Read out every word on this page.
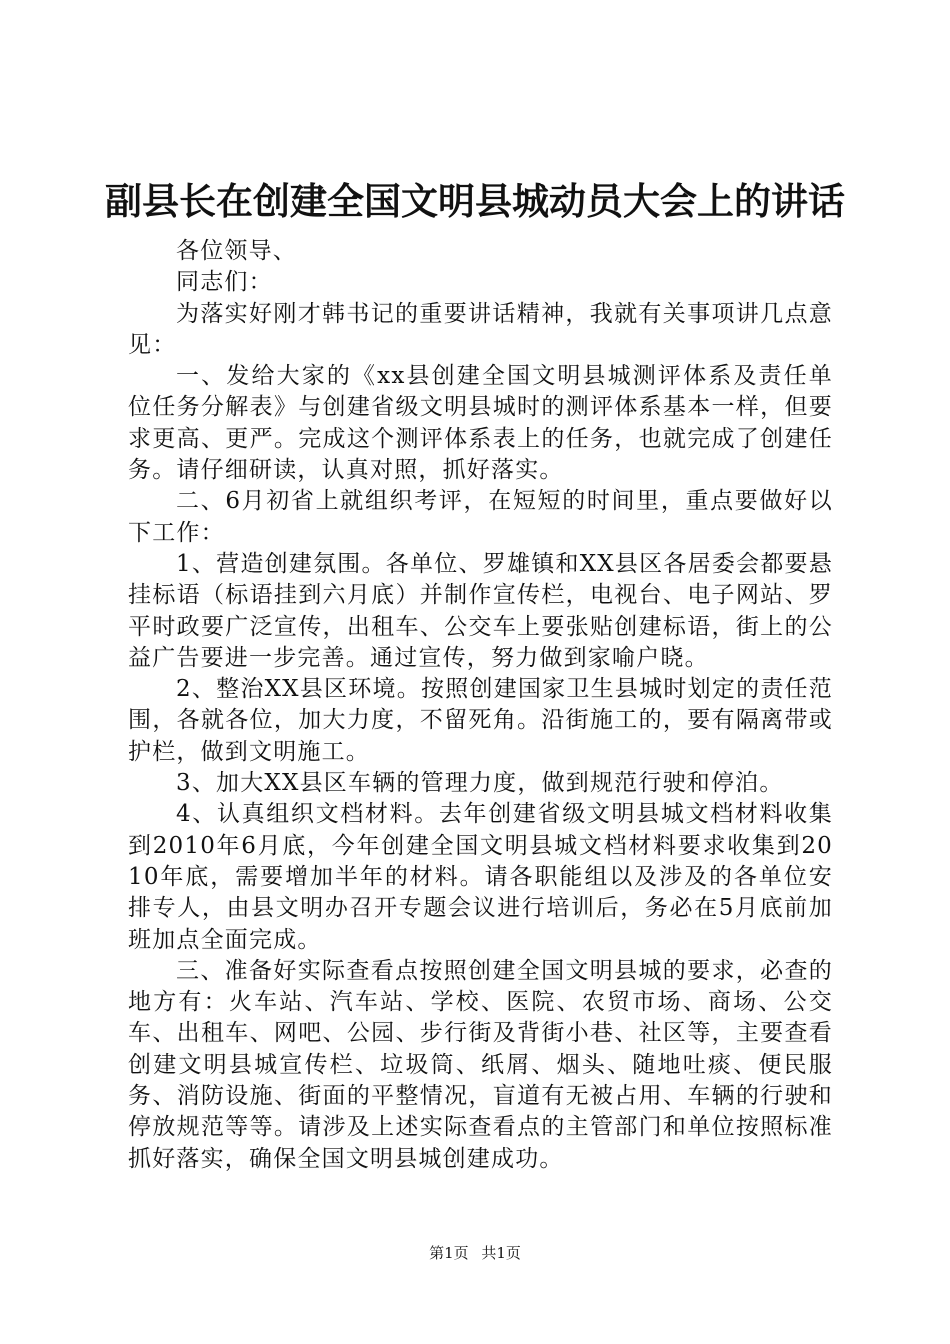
副县长在创建全国文明县城动员大会上的讲话

各位领导、

同志们：

为落实好刚才韩书记的重要讲话精神，我就有关事项讲几点意见：

一、发给大家的《xx县创建全国文明县城测评体系及责任单位任务分解表》与创建省级文明县城时的测评体系基本一样，但要求更高、更严。完成这个测评体系表上的任务，也就完成了创建任务。请仔细研读，认真对照，抓好落实。

二、6月初省上就组织考评，在短短的时间里，重点要做好以下工作：

1、营造创建氛围。各单位、罗雄镇和XX县区各居委会都要悬挂标语（标语挂到六月底）并制作宣传栏，电视台、电子网站、罗平时政要广泛宣传，出租车、公交车上要张贴创建标语，街上的公益广告要进一步完善。通过宣传，努力做到家喻户晓。

2、整治XX县区环境。按照创建国家卫生县城时划定的责任范围，各就各位，加大力度，不留死角。沿街施工的，要有隔离带或护栏，做到文明施工。

3、加大XX县区车辆的管理力度，做到规范行驶和停泊。

4、认真组织文档材料。去年创建省级文明县城文档材料收集到2010年6月底，今年创建全国文明县城文档材料要求收集到2010年底，需要增加半年的材料。请各职能组以及涉及的各单位安排专人，由县文明办召开专题会议进行培训后，务必在5月底前加班加点全面完成。

三、准备好实际查看点按照创建全国文明县城的要求，必查的地方有：火车站、汽车站、学校、医院、农贸市场、商场、公交车、出租车、网吧、公园、步行街及背街小巷、社区等，主要查看创建文明县城宣传栏、垃圾筒、纸屑、烟头、随地吐痰、便民服务、消防设施、街面的平整情况，盲道有无被占用、车辆的行驶和停放规范等等。请涉及上述实际查看点的主管部门和单位按照标准抓好落实，确保全国文明县城创建成功。

第1页 共1页
